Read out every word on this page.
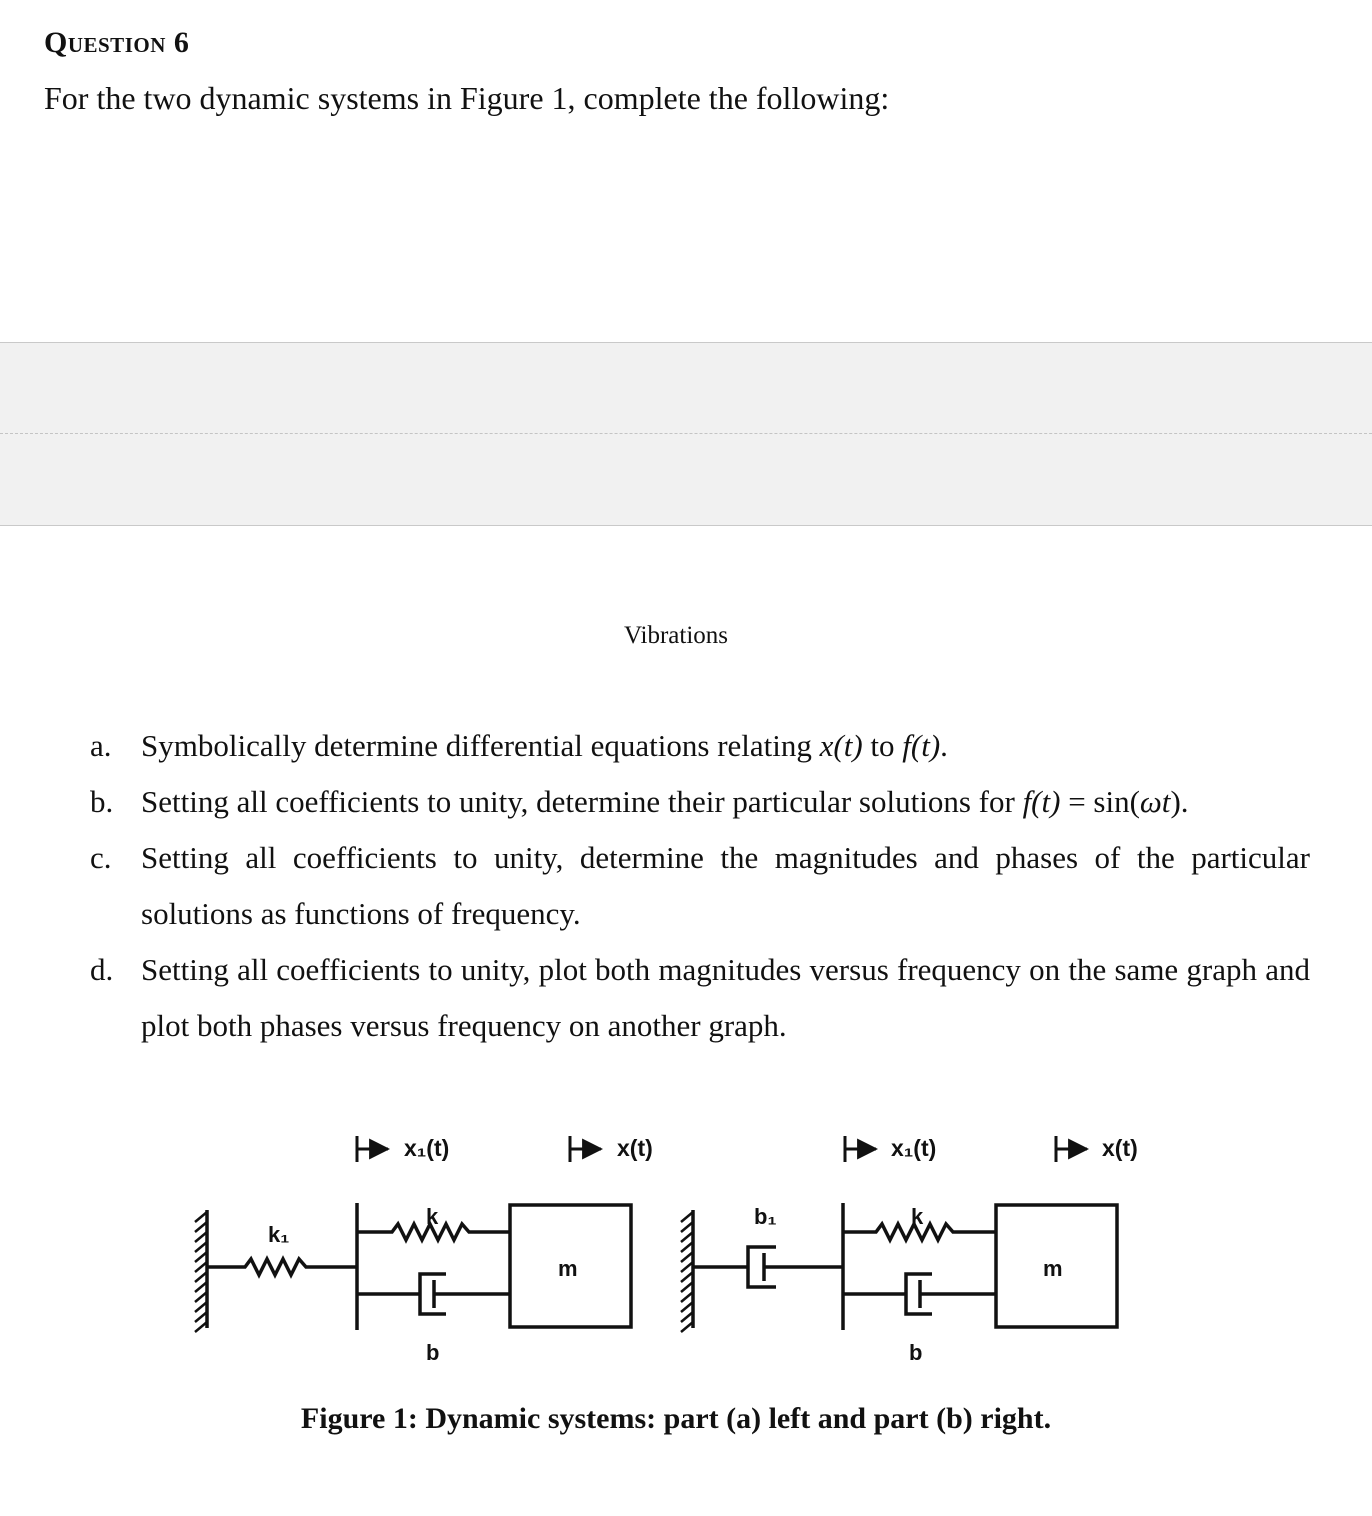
Question 6
For the two dynamic systems in Figure 1, complete the following:
Vibrations
a. Symbolically determine differential equations relating x(t) to f(t).
b. Setting all coefficients to unity, determine their particular solutions for f(t) = sin(ωt).
c. Setting all coefficients to unity, determine the magnitudes and phases of the particular solutions as functions of frequency.
d. Setting all coefficients to unity, plot both magnitudes versus frequency on the same graph and plot both phases versus frequency on another graph.
x₁(t)	x(t)
k₁
k
b
m
x₁(t)	x(t)
b₁	k
b
m
Figure 1: Dynamic systems: part (a) left and part (b) right.
